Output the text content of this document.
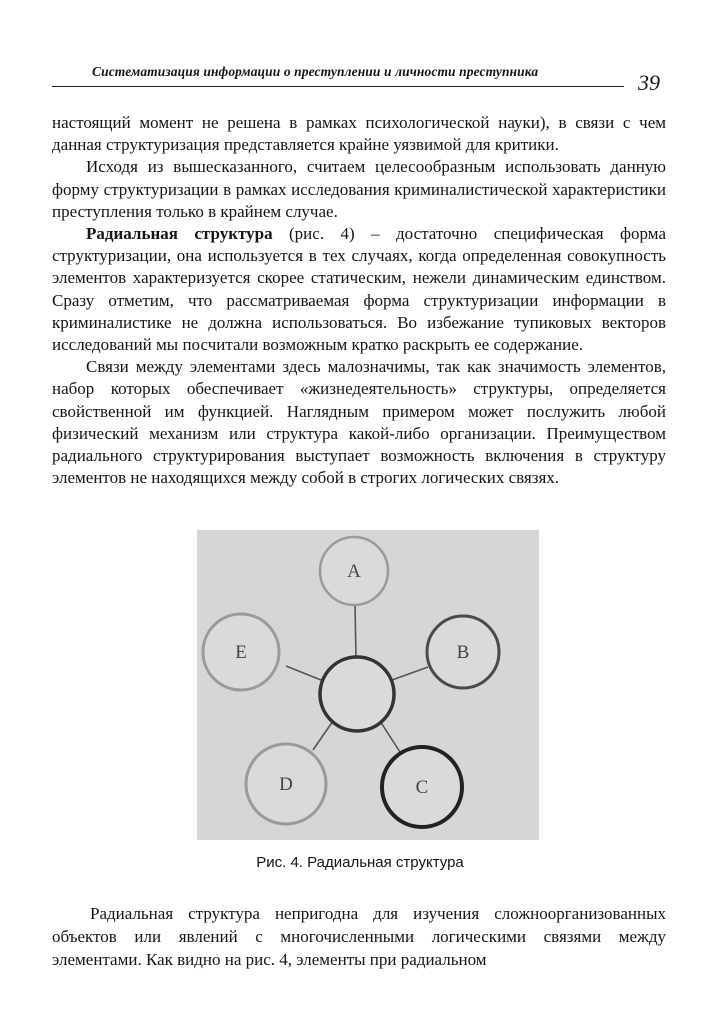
Систематизация информации о преступлении и личности преступника	39

настоящий момент не решена в рамках психологической науки), в связи с чем данная структуризация представляется крайне уязвимой для критики.

Исходя из вышесказанного, считаем целесообразным использовать данную форму структуризации в рамках исследования криминалистической характеристики преступления только в крайнем случае.

Радиальная структура (рис. 4) – достаточно специфическая форма структуризации, она используется в тех случаях, когда определенная совокупность элементов характеризуется скорее статическим, нежели динамическим единством. Сразу отметим, что рассматриваемая форма структуризации информации в криминалистике не должна использоваться. Во избежание тупиковых векторов исследований мы посчитали возможным кратко раскрыть ее содержание.

Связи между элементами здесь малозначимы, так как значимость элементов, набор которых обеспечивает «жизнедеятельность» структуры, определяется свойственной им функцией. Наглядным примером может послужить любой физический механизм или структура какой-либо организации. Преимуществом радиального структурирования выступает возможность включения в структуру элементов не находящихся между собой в строгих логических связях.

A
B
C
D
E
Рис. 4. Радиальная структура

Радиальная структура непригодна для изучения сложноорганизованных объектов или явлений с многочисленными логическими связями между элементами. Как видно на рис. 4, элементы при радиальном
